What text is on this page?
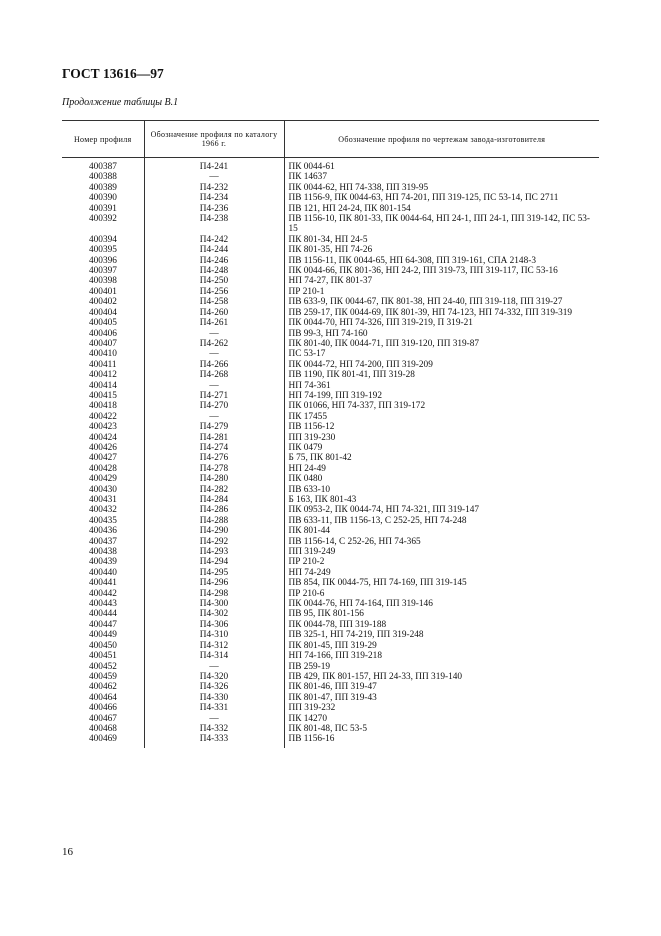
ГОСТ 13616—97
Продолжение таблицы В.1
Номер профиля	Обозначение профиля по каталогу 1966 г.	Обозначение профиля по чертежам завода-изготовителя
400387	П4-241	ПК 0044-61
400388	—	ПК 14637
400389	П4-232	ПК 0044-62, НП 74-338, ПП 319-95
400390	П4-234	ПВ 1156-9, ПК 0044-63, НП 74-201, ПП 319-125, ПС 53-14, ПС 2711
400391	П4-236	ПВ 121, НП 24-24, ПК 801-154
400392	П4-238	ПВ 1156-10, ПК 801-33, ПК 0044-64, НП 24-1, ПП 24-1, ПП 319-142, ПС 53-15
400394	П4-242	ПК 801-34, НП 24-5
400395	П4-244	ПК 801-35, НП 74-26
400396	П4-246	ПВ 1156-11, ПК 0044-65, НП 64-308, ПП 319-161, СПА 2148-3
400397	П4-248	ПК 0044-66, ПК 801-36, НП 24-2, ПП 319-73, ПП 319-117, ПС 53-16
400398	П4-250	НП 74-27, ПК 801-37
400401	П4-256	ПР 210-1
400402	П4-258	ПВ 633-9, ПК 0044-67, ПК 801-38, НП 24-40, ПП 319-118, ПП 319-27
400404	П4-260	ПВ 259-17, ПК 0044-69, ПК 801-39, НП 74-123, НП 74-332, ПП 319-319
400405	П4-261	ПК 0044-70, НП 74-326, ПП 319-219, П 319-21
400406	—	ПВ 99-3, НП 74-160
400407	П4-262	ПК 801-40, ПК 0044-71, ПП 319-120, ПП 319-87
400410	—	ПС 53-17
400411	П4-266	ПК 0044-72, НП 74-200, ПП 319-209
400412	П4-268	ПВ 1190, ПК 801-41, ПП 319-28
400414	—	НП 74-361
400415	П4-271	НП 74-199, ПП 319-192
400418	П4-270	ПК 01066, НП 74-337, ПП 319-172
400422	—	ПК 17455
400423	П4-279	ПВ 1156-12
400424	П4-281	ПП 319-230
400426	П4-274	ПК 0479
400427	П4-276	Б 75, ПК 801-42
400428	П4-278	НП 24-49
400429	П4-280	ПК 0480
400430	П4-282	ПВ 633-10
400431	П4-284	Б 163, ПК 801-43
400432	П4-286	ПК 0953-2, ПК 0044-74, НП 74-321, ПП 319-147
400435	П4-288	ПВ 633-11, ПВ 1156-13, С 252-25, НП 74-248
400436	П4-290	ПК 801-44
400437	П4-292	ПВ 1156-14, С 252-26, НП 74-365
400438	П4-293	ПП 319-249
400439	П4-294	ПР 210-2
400440	П4-295	НП 74-249
400441	П4-296	ПВ 854, ПК 0044-75, НП 74-169, ПП 319-145
400442	П4-298	ПР 210-6
400443	П4-300	ПК 0044-76, НП 74-164, ПП 319-146
400444	П4-302	ПВ 95, ПК 801-156
400447	П4-306	ПК 0044-78, ПП 319-188
400449	П4-310	ПВ 325-1, НП 74-219, ПП 319-248
400450	П4-312	ПК 801-45, ПП 319-29
400451	П4-314	НП 74-166, ПП 319-218
400452	—	ПВ 259-19
400459	П4-320	ПВ 429, ПК 801-157, НП 24-33, ПП 319-140
400462	П4-326	ПК 801-46, ПП 319-47
400464	П4-330	ПК 801-47, ПП 319-43
400466	П4-331	ПП 319-232
400467	—	ПК 14270
400468	П4-332	ПК 801-48, ПС 53-5
400469	П4-333	ПВ 1156-16
16
